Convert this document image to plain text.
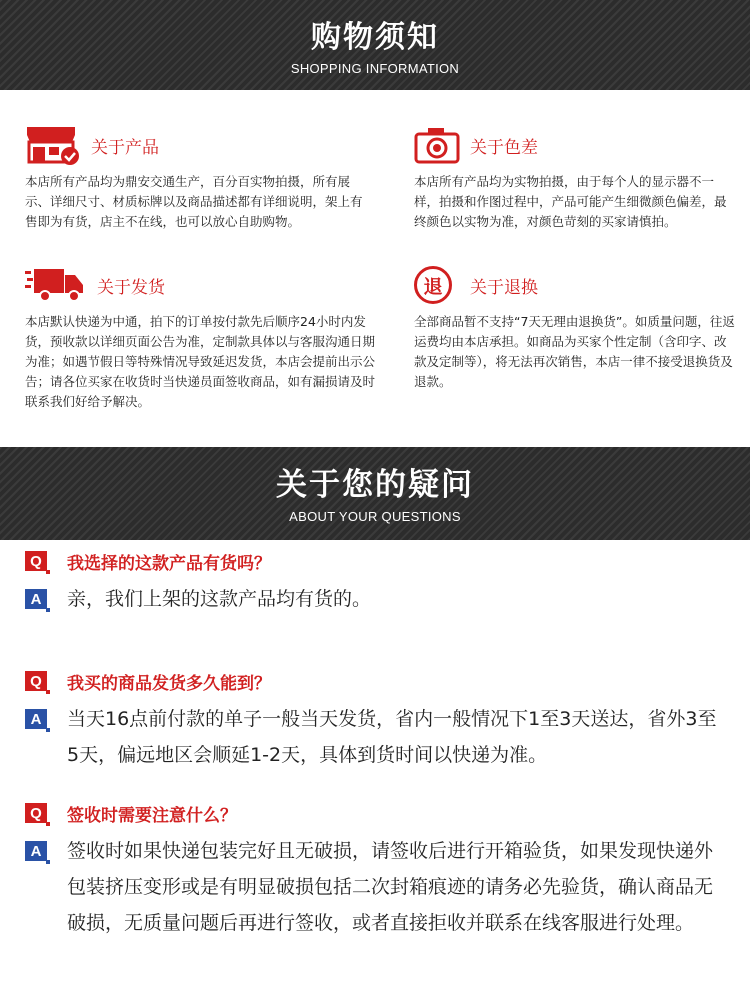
购物须知
SHOPPING INFORMATION
关于产品
本店所有产品均为鼎安交通生产，百分百实物拍摄，所有展示、详细尺寸、材质标牌以及商品描述都有详细说明，架上有售即为有货，店主不在线，也可以放心自助购物。
关于色差
本店所有产品均为实物拍摄，由于每个人的显示器不一样，拍摄和作图过程中，产品可能产生细微颜色偏差，最终颜色以实物为准，对颜色苛刻的买家请慎拍。
关于发货
本店默认快递为中通，拍下的订单按付款先后顺序24小时内发货，预收款以详细页面公告为准，定制款具体以与客服沟通日期为准；如遇节假日等特殊情况导致延迟发货，本店会提前出示公告；请各位买家在收货时当快递员面签收商品，如有漏损请及时联系我们好给予解决。
退	关于退换
全部商品暂不支持“7天无理由退换货”。如质量问题，往返运费均由本店承担。如商品为买家个性定制（含印字、改款及定制等），将无法再次销售，本店一律不接受退换货及退款。
关于您的疑问
ABOUT YOUR QUESTIONS
Q	我选择的这款产品有货吗？
A 亲，我们上架的这款产品均有货的。
Q	我买的商品发货多久能到？
A 当天16点前付款的单子一般当天发货，省内一般情况下1至3天送达，省外3至5天，偏远地区会顺延1-2天，具体到货时间以快递为准。
Q	签收时需要注意什么？
A 签收时如果快递包装完好且无破损，请签收后进行开箱验货，如果发现快递外包装挤压变形或是有明显破损包括二次封箱痕迹的请务必先验货，确认商品无破损，无质量问题后再进行签收，或者直接拒收并联系在线客服进行处理。
